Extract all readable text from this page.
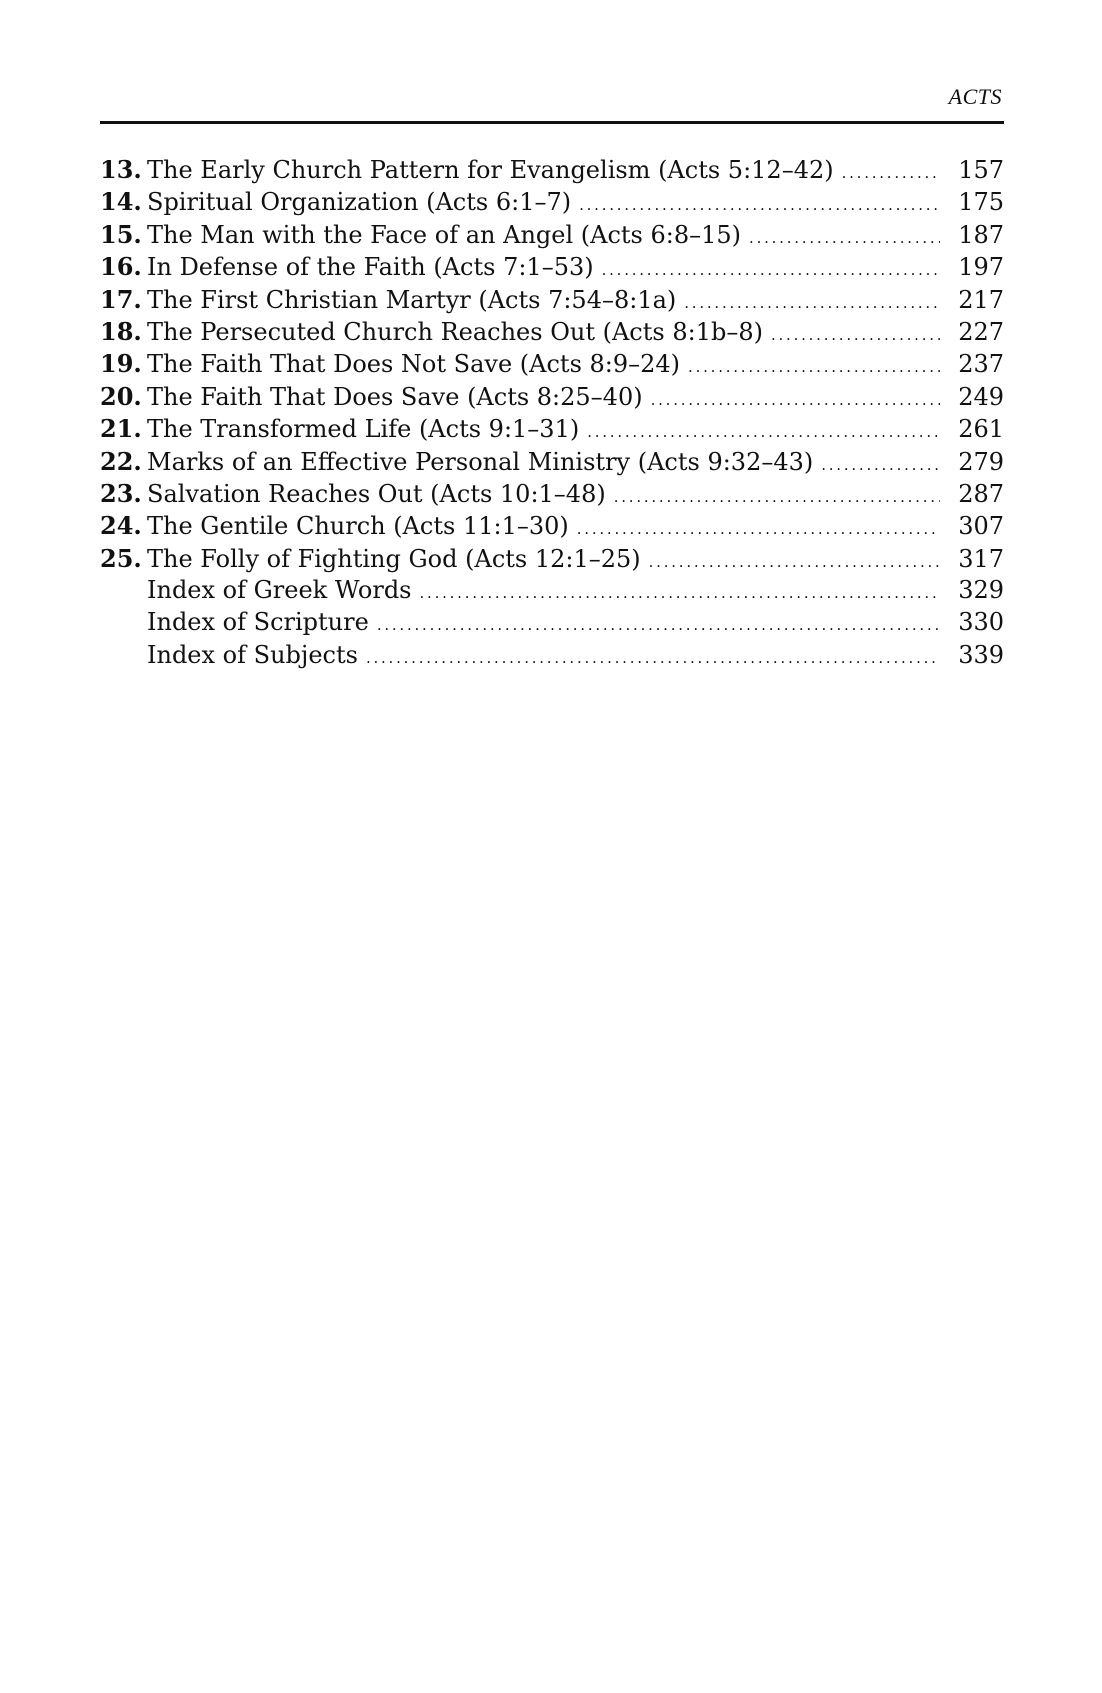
ACTS
13. The Early Church Pattern for Evangelism (Acts 5:12–42) . . .	157
14. Spiritual Organization (Acts 6:1–7) . . .	175
15. The Man with the Face of an Angel (Acts 6:8–15) . . .	187
16. In Defense of the Faith (Acts 7:1–53) . . .	197
17. The First Christian Martyr (Acts 7:54–8:1a) . . .	217
18. The Persecuted Church Reaches Out (Acts 8:1b–8) . . .	227
19. The Faith That Does Not Save (Acts 8:9–24) . . .	237
20. The Faith That Does Save (Acts 8:25–40) . . .	249
21. The Transformed Life (Acts 9:1–31) . . .	261
22. Marks of an Effective Personal Ministry (Acts 9:32–43) . . .	279
23. Salvation Reaches Out (Acts 10:1–48) . . .	287
24. The Gentile Church (Acts 11:1–30) . . .	307
25. The Folly of Fighting God (Acts 12:1–25) . . .	317
Index of Greek Words . . .	329
Index of Scripture . . .	330
Index of Subjects . . .	339
